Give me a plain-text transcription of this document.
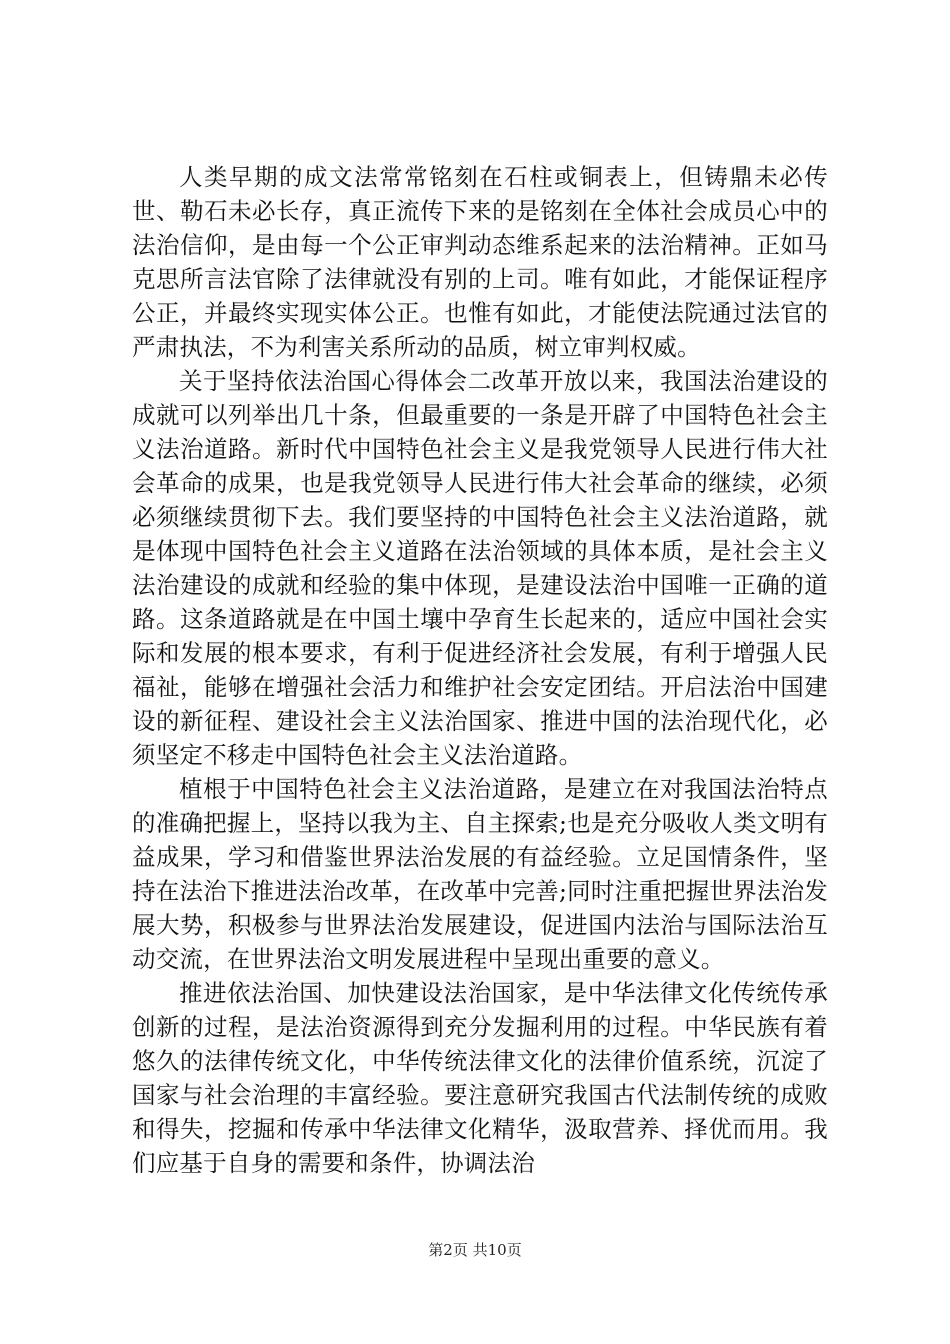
人类早期的成文法常常铭刻在石柱或铜表上，但铸鼎未必传世、勒石未必长存，真正流传下来的是铭刻在全体社会成员心中的法治信仰，是由每一个公正审判动态维系起来的法治精神。正如马克思所言法官除了法律就没有别的上司。唯有如此，才能保证程序公正，并最终实现实体公正。也惟有如此，才能使法院通过法官的严肃执法，不为利害关系所动的品质，树立审判权威。

关于坚持依法治国心得体会二改革开放以来，我国法治建设的成就可以列举出几十条，但最重要的一条是开辟了中国特色社会主义法治道路。新时代中国特色社会主义是我党领导人民进行伟大社会革命的成果，也是我党领导人民进行伟大社会革命的继续，必须必须继续贯彻下去。我们要坚持的中国特色社会主义法治道路，就是体现中国特色社会主义道路在法治领域的具体本质，是社会主义法治建设的成就和经验的集中体现，是建设法治中国唯一正确的道路。这条道路就是在中国土壤中孕育生长起来的，适应中国社会实际和发展的根本要求，有利于促进经济社会发展，有利于增强人民福祉，能够在增强社会活力和维护社会安定团结。开启法治中国建设的新征程、建设社会主义法治国家、推进中国的法治现代化，必须坚定不移走中国特色社会主义法治道路。

植根于中国特色社会主义法治道路，是建立在对我国法治特点的准确把握上，坚持以我为主、自主探索;也是充分吸收人类文明有益成果，学习和借鉴世界法治发展的有益经验。立足国情条件，坚持在法治下推进法治改革，在改革中完善;同时注重把握世界法治发展大势，积极参与世界法治发展建设，促进国内法治与国际法治互动交流，在世界法治文明发展进程中呈现出重要的意义。

推进依法治国、加快建设法治国家，是中华法律文化传统传承创新的过程，是法治资源得到充分发掘利用的过程。中华民族有着悠久的法律传统文化，中华传统法律文化的法律价值系统，沉淀了国家与社会治理的丰富经验。要注意研究我国古代法制传统的成败和得失，挖掘和传承中华法律文化精华，汲取营养、择优而用。我们应基于自身的需要和条件，协调法治

第2页 共10页
